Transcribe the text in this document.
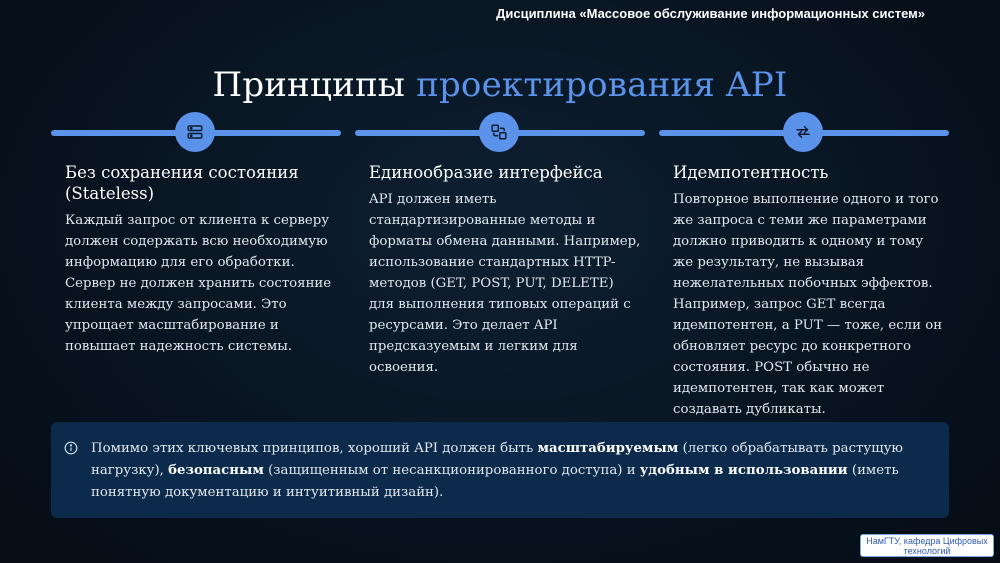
Дисциплина «Массовое обслуживание информационных систем»
Принципы проектирования API
Без сохранения состояния (Stateless)

Каждый запрос от клиента к серверу должен содержать всю необходимую информацию для его обработки. Сервер не должен хранить состояние клиента между запросами. Это упрощает масштабирование и повышает надежность системы.

Единообразие интерфейса

API должен иметь стандартизированные методы и форматы обмена данными. Например, использование стандартных HTTP-методов (GET, POST, PUT, DELETE) для выполнения типовых операций с ресурсами. Это делает API предсказуемым и легким для освоения.

Идемпотентность

Повторное выполнение одного и того же запроса с теми же параметрами должно приводить к одному и тому же результату, не вызывая нежелательных побочных эффектов. Например, запрос GET всегда идемпотентен, а PUT — тоже, если он обновляет ресурс до конкретного состояния. POST обычно не идемпотентен, так как может создавать дубликаты.

Помимо этих ключевых принципов, хороший API должен быть масштабируемым (легко обрабатывать растущую нагрузку), безопасным (защищенным от несанкционированного доступа) и удобным в использовании (иметь понятную документацию и интуитивный дизайн).
НамГТУ, кафедра Цифровых технологий
